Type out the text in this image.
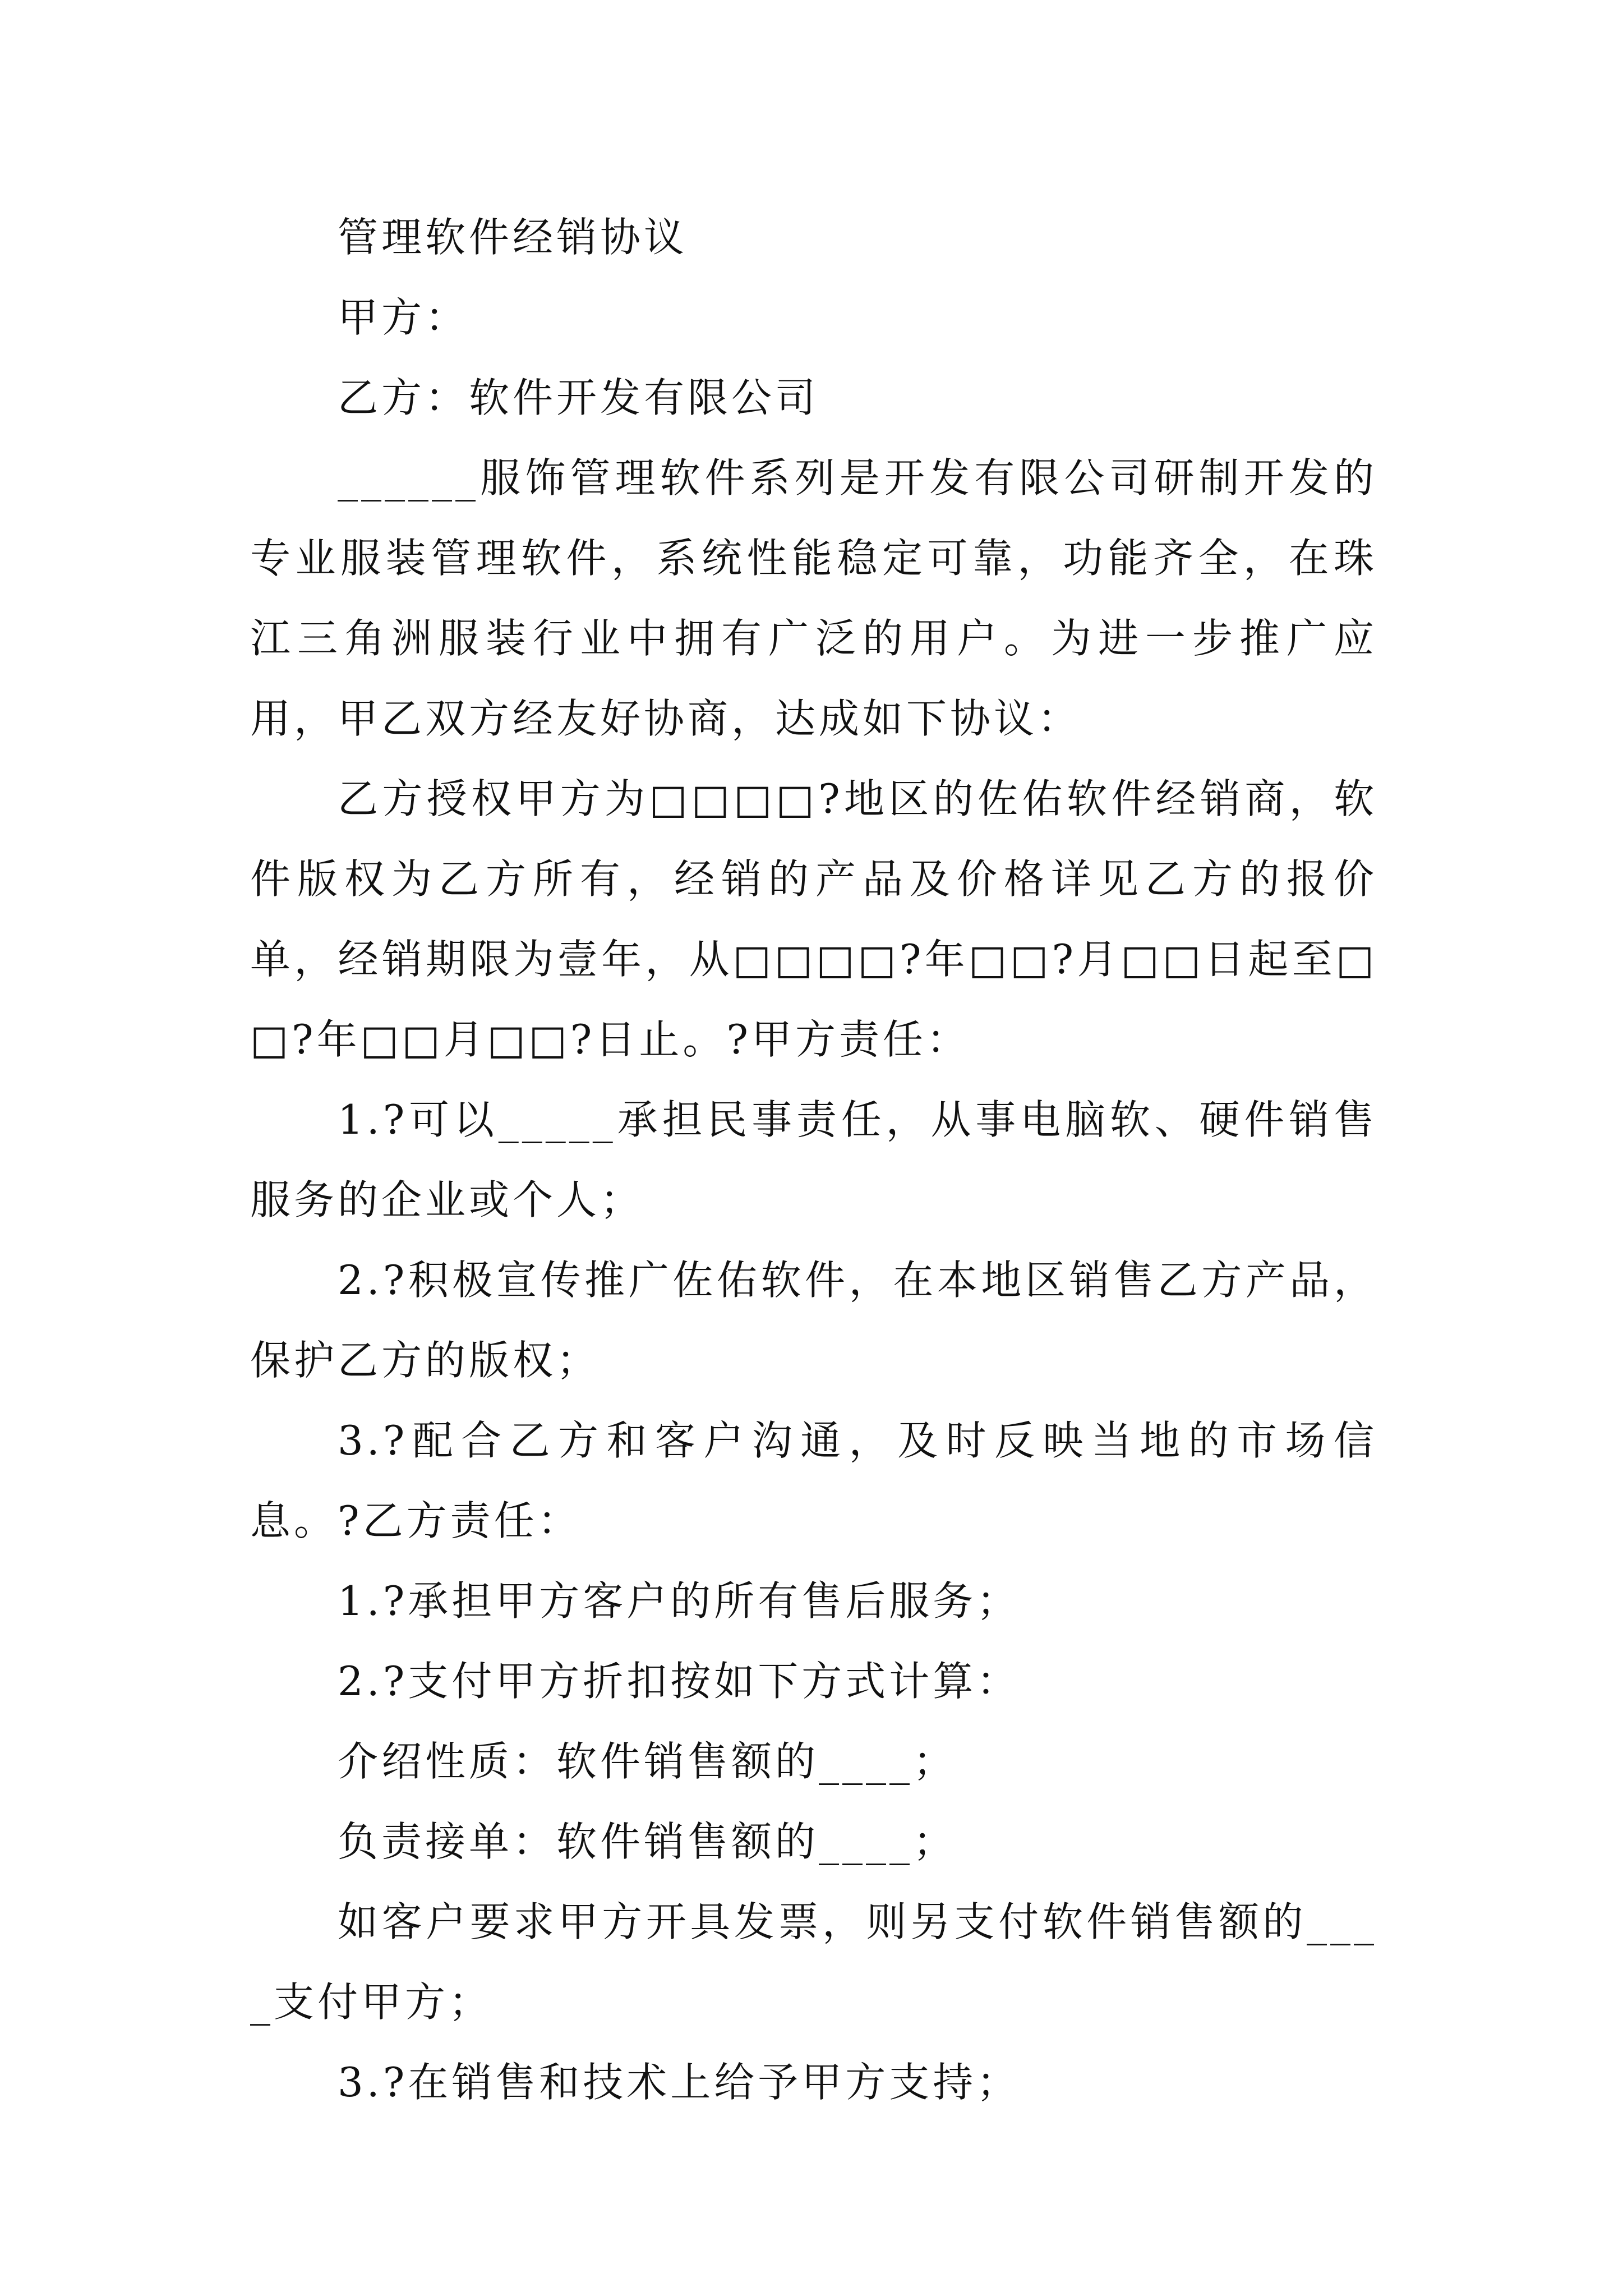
管理软件经销协议

甲方：

乙方：软件开发有限公司

______服饰管理软件系列是开发有限公司研制开发的专业服装管理软件，系统性能稳定可靠，功能齐全，在珠江三角洲服装行业中拥有广泛的用户。为进一步推广应用，甲乙双方经友好协商，达成如下协议：

乙方授权甲方为□□□□?地区的佐佑软件经销商，软件版权为乙方所有，经销的产品及价格详见乙方的报价单，经销期限为壹年，从□□□□?年□□?月□□日起至□□?年□□月□□?日止。?甲方责任：

1.?可以_____承担民事责任，从事电脑软、硬件销售服务的企业或个人；

2.?积极宣传推广佐佑软件，在本地区销售乙方产品，保护乙方的版权；

3.?配合乙方和客户沟通，及时反映当地的市场信息。?乙方责任：

1.?承担甲方客户的所有售后服务；

2.?支付甲方折扣按如下方式计算：

介绍性质：软件销售额的____；

负责接单：软件销售额的____；

如客户要求甲方开具发票，则另支付软件销售额的____支付甲方；

3.?在销售和技术上给予甲方支持；
